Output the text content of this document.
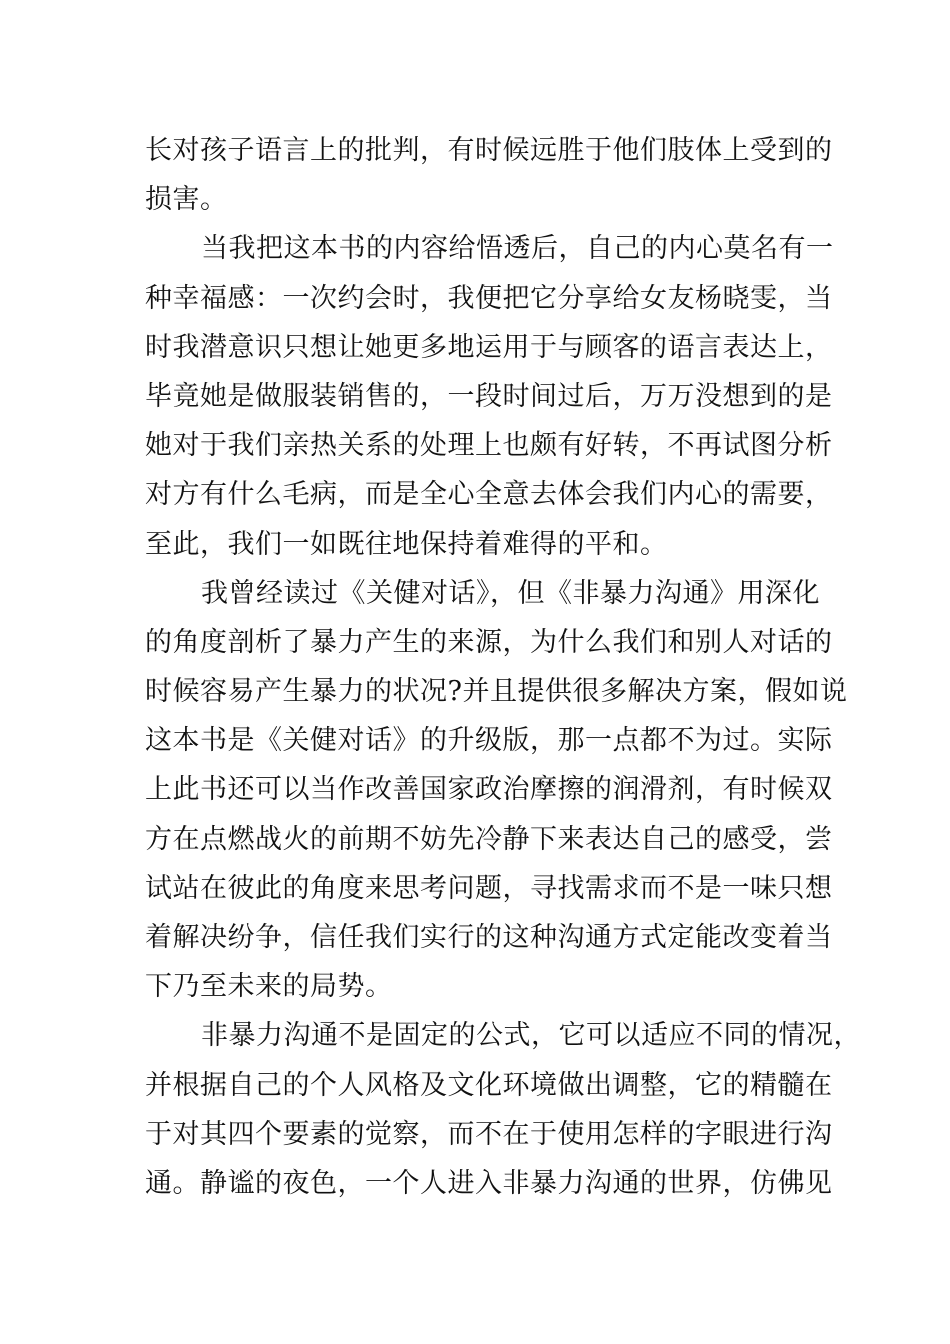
长对孩子语言上的批判，有时候远胜于他们肢体上受到的
损害。
当我把这本书的内容给悟透后，自己的内心莫名有一
种幸福感：一次约会时，我便把它分享给女友杨晓雯，当
时我潜意识只想让她更多地运用于与顾客的语言表达上，
毕竟她是做服装销售的，一段时间过后，万万没想到的是
她对于我们亲热关系的处理上也颇有好转，不再试图分析
对方有什么毛病，而是全心全意去体会我们内心的需要，
至此，我们一如既往地保持着难得的平和。
我曾经读过《关健对话》，但《非暴力沟通》用深化
的角度剖析了暴力产生的来源，为什么我们和别人对话的
时候容易产生暴力的状况?并且提供很多解决方案，假如说
这本书是《关健对话》的升级版，那一点都不为过。实际
上此书还可以当作改善国家政治摩擦的润滑剂，有时候双
方在点燃战火的前期不妨先冷静下来表达自己的感受，尝
试站在彼此的角度来思考问题，寻找需求而不是一味只想
着解决纷争，信任我们实行的这种沟通方式定能改变着当
下乃至未来的局势。
非暴力沟通不是固定的公式，它可以适应不同的情况，
并根据自己的个人风格及文化环境做出调整，它的精髓在
于对其四个要素的觉察，而不在于使用怎样的字眼进行沟
通。静谧的夜色，一个人进入非暴力沟通的世界，仿佛见
